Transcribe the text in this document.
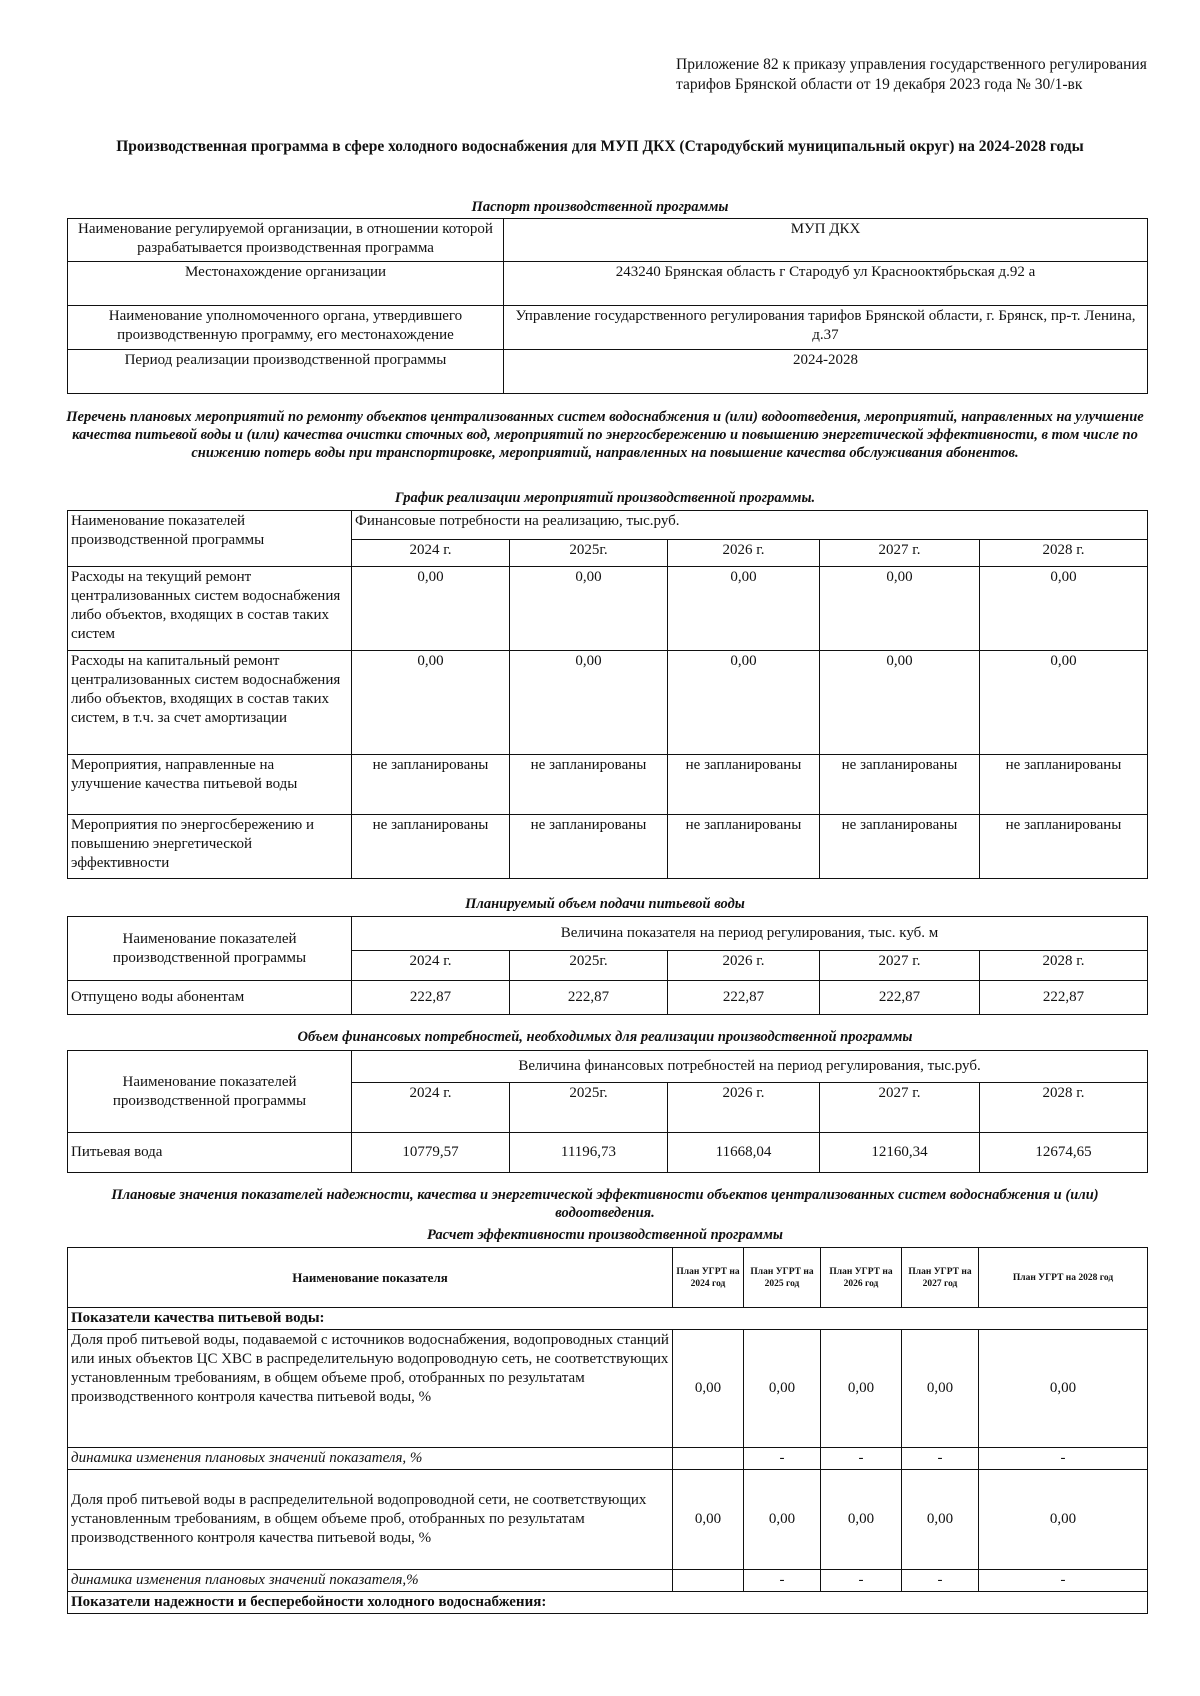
Приложение 82 к приказу управления государственного регулирования тарифов Брянской области от 19 декабря 2023 года № 30/1-вк
Производственная программа в сфере холодного водоснабжения для МУП ДКХ (Стародубский муниципальный округ) на 2024-2028 годы
Паспорт производственной программы
Наименование регулируемой организации, в отношении которой разрабатывается производственная программа	МУП ДКХ
Местонахождение организации	243240 Брянская область г Стародуб ул Краснооктябрьская д.92 а
Наименование уполномоченного органа, утвердившего производственную программу, его местонахождение	Управление государственного регулирования тарифов Брянской области, г. Брянск, пр-т. Ленина, д.37
Период реализации производственной программы	2024-2028
Перечень плановых мероприятий по ремонту объектов централизованных систем водоснабжения и (или) водоотведения, мероприятий, направленных на улучшение качества питьевой воды и (или) качества очистки сточных вод, мероприятий по энергосбережению и повышению энергетической эффективности, в том числе по снижению потерь воды при транспортировке, мероприятий, направленных на повышение качества обслуживания абонентов.
График реализации мероприятий производственной программы.
Наименование показателей производственной программы	Финансовые потребности на реализацию, тыс.руб.				
	2024 г.	2025г.	2026 г.	2027 г.	2028 г.
Расходы на текущий ремонт централизованных систем водоснабжения либо объектов, входящих в состав таких систем	0,00	0,00	0,00	0,00	0,00
Расходы на капитальный ремонт централизованных систем водоснабжения либо объектов, входящих в состав таких систем, в т.ч. за счет амортизации	0,00	0,00	0,00	0,00	0,00
Мероприятия, направленные на улучшение качества питьевой воды	не запланированы	не запланированы	не запланированы	не запланированы	не запланированы
Мероприятия по энергосбережению и повышению энергетической эффективности	не запланированы	не запланированы	не запланированы	не запланированы	не запланированы
Планируемый объем подачи питьевой воды
Наименование показателей производственной программы	Величина показателя на период регулирования, тыс. куб. м				
	2024 г.	2025г.	2026 г.	2027 г.	2028 г.
Отпущено воды абонентам	222,87	222,87	222,87	222,87	222,87
Объем финансовых потребностей, необходимых для реализации производственной программы
Наименование показателей производственной программы	Величина финансовых потребностей на период регулирования, тыс.руб.				
	2024 г.	2025г.	2026 г.	2027 г.	2028 г.
Питьевая вода	10779,57	11196,73	11668,04	12160,34	12674,65
Плановые значения показателей надежности, качества и энергетической эффективности объектов централизованных систем водоснабжения и (или) водоотведения.
Расчет эффективности производственной программы
Наименование показателя	План УГРТ на 2024 год	План УГРТ на 2025 год	План УГРТ на 2026 год	План УГРТ на 2027 год	План УГРТ на 2028 год
Показатели качества питьевой воды:					
Доля проб питьевой воды, подаваемой с источников водоснабжения, водопроводных станций или иных объектов ЦС ХВС в распределительную водопроводную сеть, не соответствующих установленным требованиям, в общем объеме проб, отобранных по результатам производственного контроля качества питьевой воды, %	0,00	0,00	0,00	0,00	0,00
динамика изменения плановых значений показателя, %		-	-	-	-
Доля проб питьевой воды в распределительной водопроводной сети, не соответствующих установленным требованиям, в общем объеме проб, отобранных по результатам производственного контроля качества питьевой воды, %	0,00	0,00	0,00	0,00	0,00
динамика изменения плановых значений показателя,%		-	-	-	-
Показатели надежности и бесперебойности холодного водоснабжения:					
